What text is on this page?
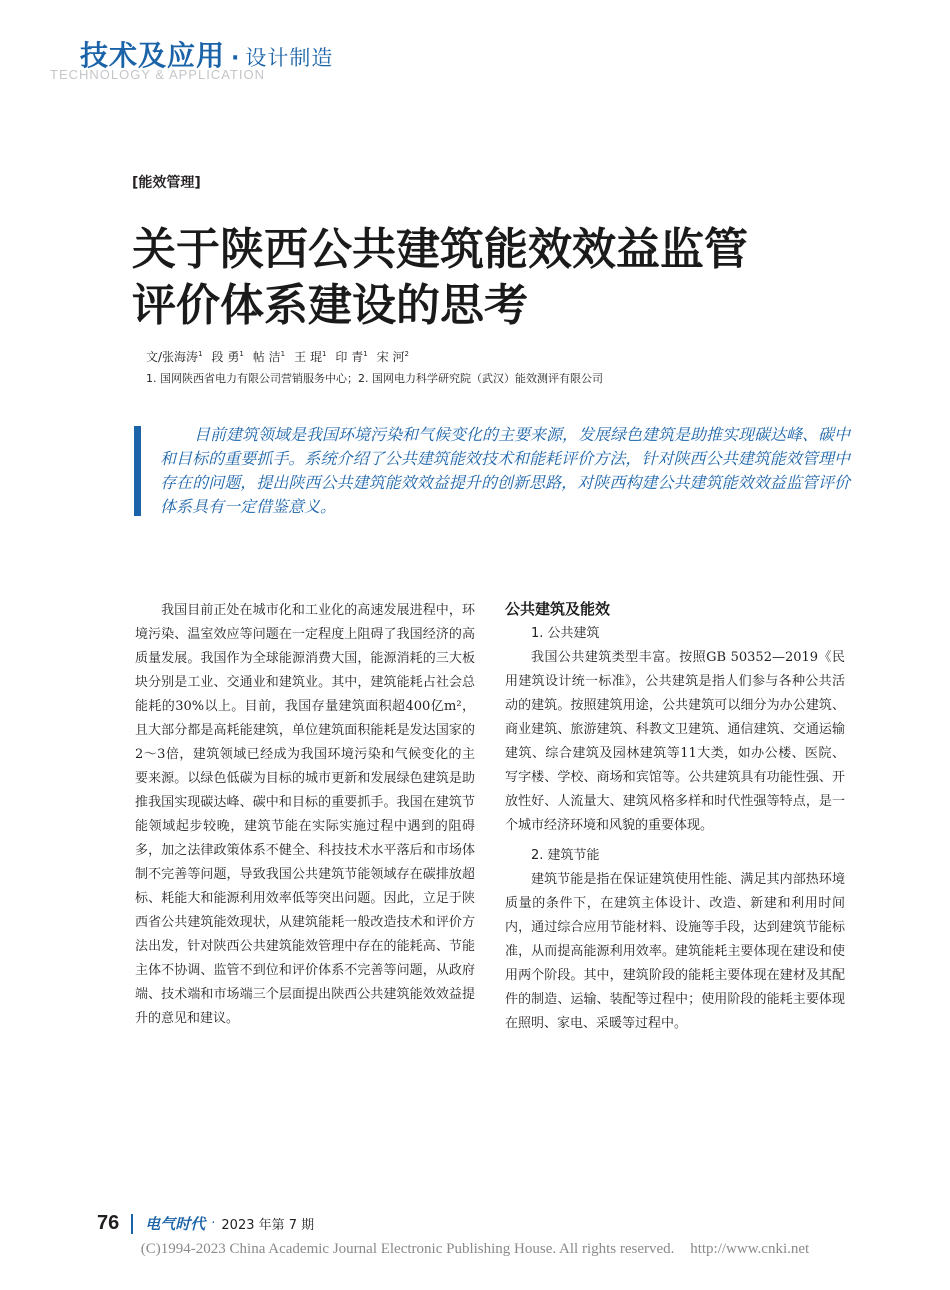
技术及应用 · 设计制造
TECHNOLOGY & APPLICATION
[能效管理]
关于陕西公共建筑能效效益监管
评价体系建设的思考
文/张海涛$^1$ 段 勇$^1$ 帖 洁$^1$ 王 琨$^1$ 印 青$^1$ 宋 河$^2$
1. 国网陕西省电力有限公司营销服务中心；2. 国网电力科学研究院（武汉）能效测评有限公司

目前建筑领域是我国环境污染和气候变化的主要来源，发展绿色建筑是助推实现碳达峰、碳中和目标的重要抓手。系统介绍了公共建筑能效技术和能耗评价方法，针对陕西公共建筑能效管理中存在的问题，提出陕西公共建筑能效效益提升的创新思路，对陕西构建公共建筑能效效益监管评价体系具有一定借鉴意义。

我国目前正处在城市化和工业化的高速发展进程中，环境污染、温室效应等问题在一定程度上阻碍了我国经济的高质量发展。我国作为全球能源消费大国，能源消耗的三大板块分别是工业、交通业和建筑业。其中，建筑能耗占社会总能耗的30%以上。目前，我国存量建筑面积超400亿m²，且大部分都是高耗能建筑，单位建筑面积能耗是发达国家的2～3倍，建筑领域已经成为我国环境污染和气候变化的主要来源。以绿色低碳为目标的城市更新和发展绿色建筑是助推我国实现碳达峰、碳中和目标的重要抓手。我国在建筑节能领域起步较晚，建筑节能在实际实施过程中遇到的阻碍多，加之法律政策体系不健全、科技技术水平落后和市场体制不完善等问题，导致我国公共建筑节能领域存在碳排放超标、耗能大和能源利用效率低等突出问题。因此，立足于陕西省公共建筑能效现状，从建筑能耗一般改造技术和评价方法出发，针对陕西公共建筑能效管理中存在的能耗高、节能主体不协调、监管不到位和评价体系不完善等问题，从政府端、技术端和市场端三个层面提出陕西公共建筑能效效益提升的意见和建议。

公共建筑及能效
1. 公共建筑

我国公共建筑类型丰富。按照GB 50352—2019《民用建筑设计统一标准》，公共建筑是指人们参与各种公共活动的建筑。按照建筑用途，公共建筑可以细分为办公建筑、商业建筑、旅游建筑、科教文卫建筑、通信建筑、交通运输建筑、综合建筑及园林建筑等11大类，如办公楼、医院、写字楼、学校、商场和宾馆等。公共建筑具有功能性强、开放性好、人流量大、建筑风格多样和时代性强等特点，是一个城市经济环境和风貌的重要体现。

2. 建筑节能

建筑节能是指在保证建筑使用性能、满足其内部热环境质量的条件下，在建筑主体设计、改造、新建和利用时间内，通过综合应用节能材料、设施等手段，达到建筑节能标准，从而提高能源利用效率。建筑能耗主要体现在建设和使用两个阶段。其中，建筑阶段的能耗主要体现在建材及其配件的制造、运输、装配等过程中；使用阶段的能耗主要体现在照明、家电、采暖等过程中。

76 电气时代 · 2023 年第 7 期
(C)1994-2023 China Academic Journal Electronic Publishing House. All rights reserved. http://www.cnki.net
